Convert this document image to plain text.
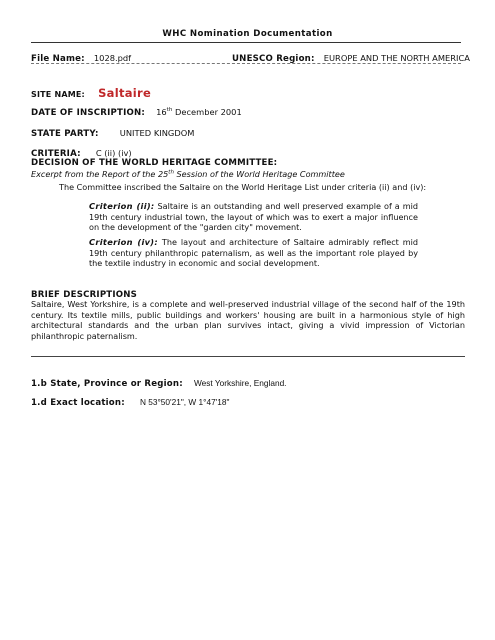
WHC Nomination Documentation
File Name: 1028.pdf	UNESCO Region: EUROPE AND THE NORTH AMERICA
SITE NAME: Saltaire
DATE OF INSCRIPTION: 16th December 2001
STATE PARTY:	UNITED KINGDOM
CRITERIA: C (ii) (iv)
DECISION OF THE WORLD HERITAGE COMMITTEE:
Excerpt from the Report of the 25th Session of the World Heritage Committee
The Committee inscribed the Saltaire on the World Heritage List under criteria (ii) and (iv):
Criterion (ii): Saltaire is an outstanding and well preserved example of a mid 19th century industrial town, the layout of which was to exert a major influence on the development of the "garden city" movement.
Criterion (iv): The layout and architecture of Saltaire admirably reflect mid 19th century philanthropic paternalism, as well as the important role played by the textile industry in economic and social development.
BRIEF DESCRIPTIONS
Saltaire, West Yorkshire, is a complete and well-preserved industrial village of the second half of the 19th century. Its textile mills, public buildings and workers' housing are built in a harmonious style of high architectural standards and the urban plan survives intact, giving a vivid impression of Victorian philanthropic paternalism.
1.b State, Province or Region: West Yorkshire, England.
1.d Exact location: N 53°50'21", W 1°47'18"
